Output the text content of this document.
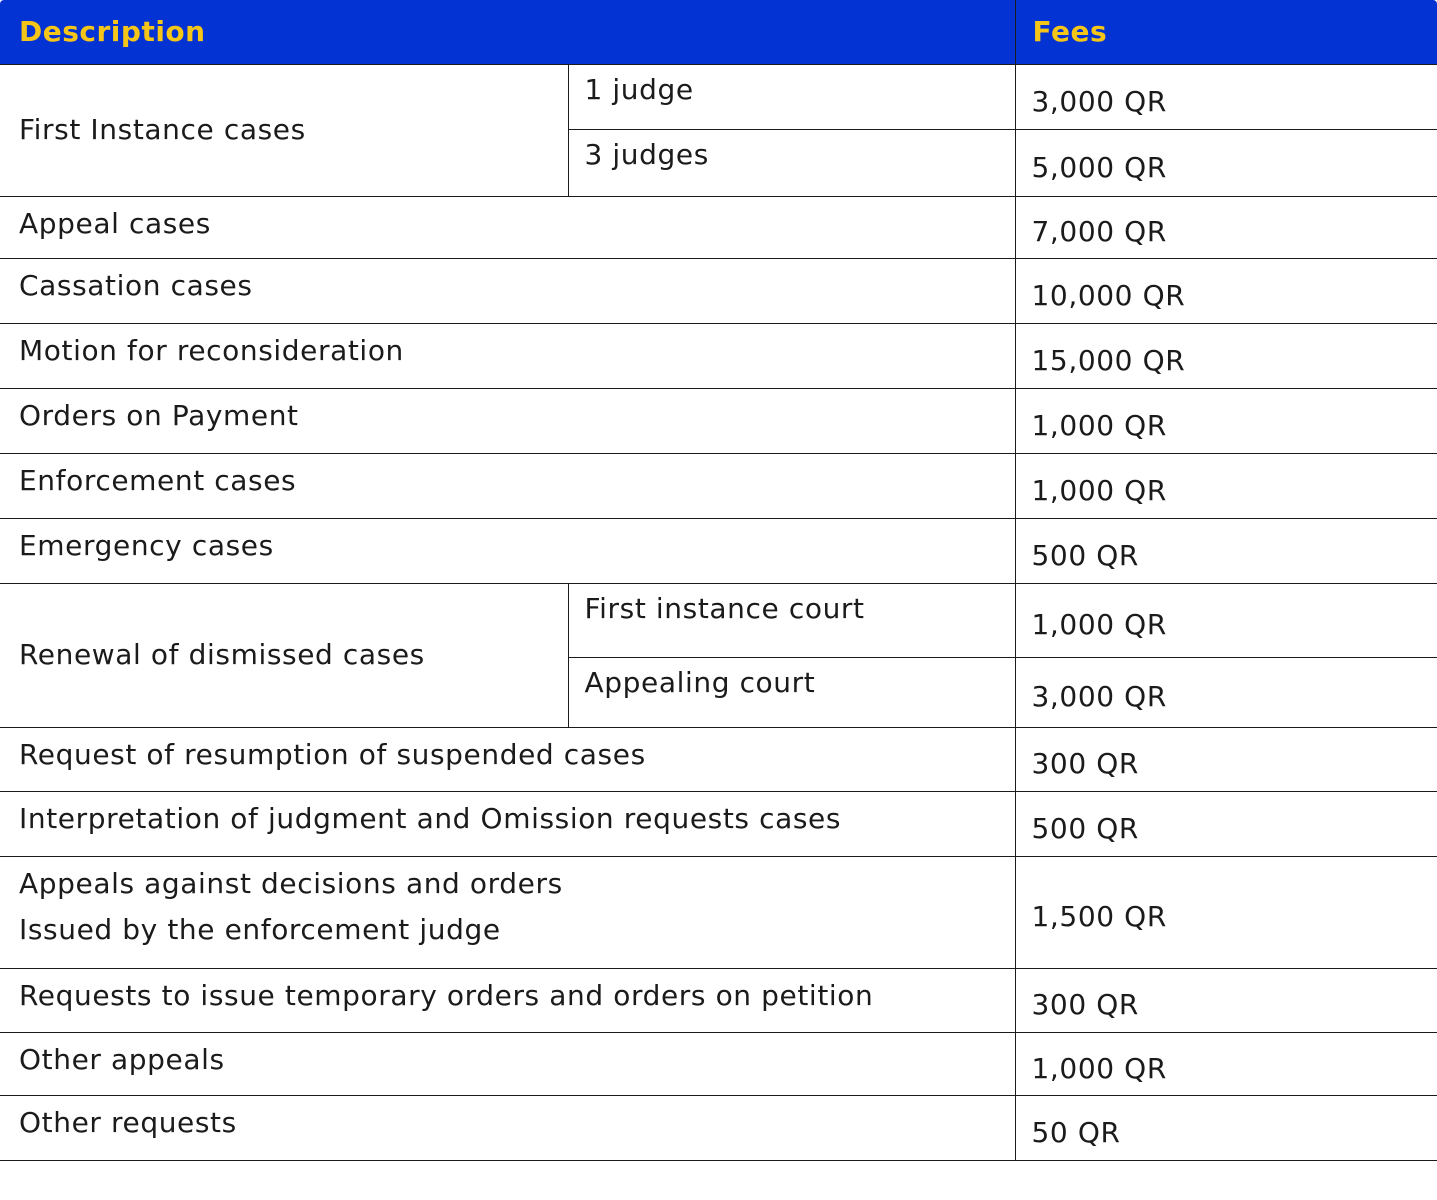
Description		Fees
First Instance cases	1 judge	3,000 QR
	3 judges	5,000 QR
Appeal cases		7,000 QR
Cassation cases		10,000 QR
Motion for reconsideration		15,000 QR
Orders on Payment		1,000 QR
Enforcement cases		1,000 QR
Emergency cases		500 QR
Renewal of dismissed cases	First instance court	1,000 QR
	Appealing court	3,000 QR
Request of resumption of suspended cases		300 QR
Interpretation of judgment and Omission requests cases		500 QR

Appeals against decisions and orders
Issued by the enforcement judge		1,500 QR
Requests to issue temporary orders and orders on petition		300 QR
Other appeals		1,000 QR
Other requests		50 QR
